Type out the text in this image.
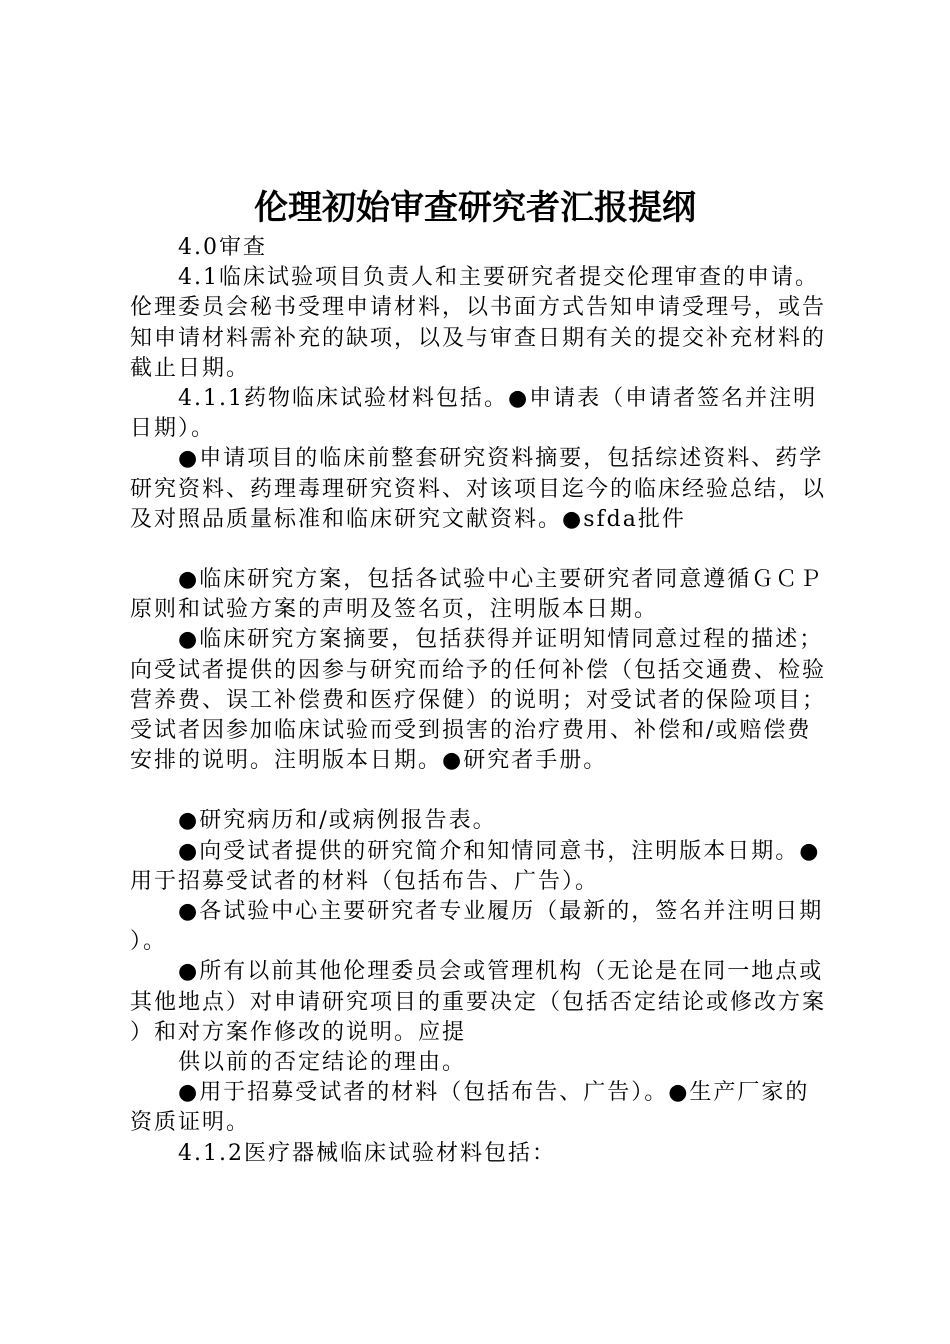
伦理初始审查研究者汇报提纲

4.0审查

4.1临床试验项目负责人和主要研究者提交伦理审查的申请。伦理委员会秘书受理申请材料，以书面方式告知申请受理号，或告知申请材料需补充的缺项，以及与审查日期有关的提交补充材料的截止日期。

4.1.1药物临床试验材料包括。●申请表（申请者签名并注明日期）。

●申请项目的临床前整套研究资料摘要，包括综述资料、药学研究资料、药理毒理研究资料、对该项目迄今的临床经验总结，以及对照品质量标准和临床研究文献资料。●sfda批件

●临床研究方案，包括各试验中心主要研究者同意遵循ＧＣＰ原则和试验方案的声明及签名页，注明版本日期。

●临床研究方案摘要，包括获得并证明知情同意过程的描述；向受试者提供的因参与研究而给予的任何补偿（包括交通费、检验营养费、误工补偿费和医疗保健）的说明；对受试者的保险项目；受试者因参加临床试验而受到损害的治疗费用、补偿和/或赔偿费安排的说明。注明版本日期。●研究者手册。

●研究病历和/或病例报告表。

●向受试者提供的研究简介和知情同意书，注明版本日期。●用于招募受试者的材料（包括布告、广告）。

●各试验中心主要研究者专业履历（最新的，签名并注明日期）。

●所有以前其他伦理委员会或管理机构（无论是在同一地点或其他地点）对申请研究项目的重要决定（包括否定结论或修改方案）和对方案作修改的说明。应提

供以前的否定结论的理由。

●用于招募受试者的材料（包括布告、广告）。●生产厂家的资质证明。

4.1.2医疗器械临床试验材料包括：
